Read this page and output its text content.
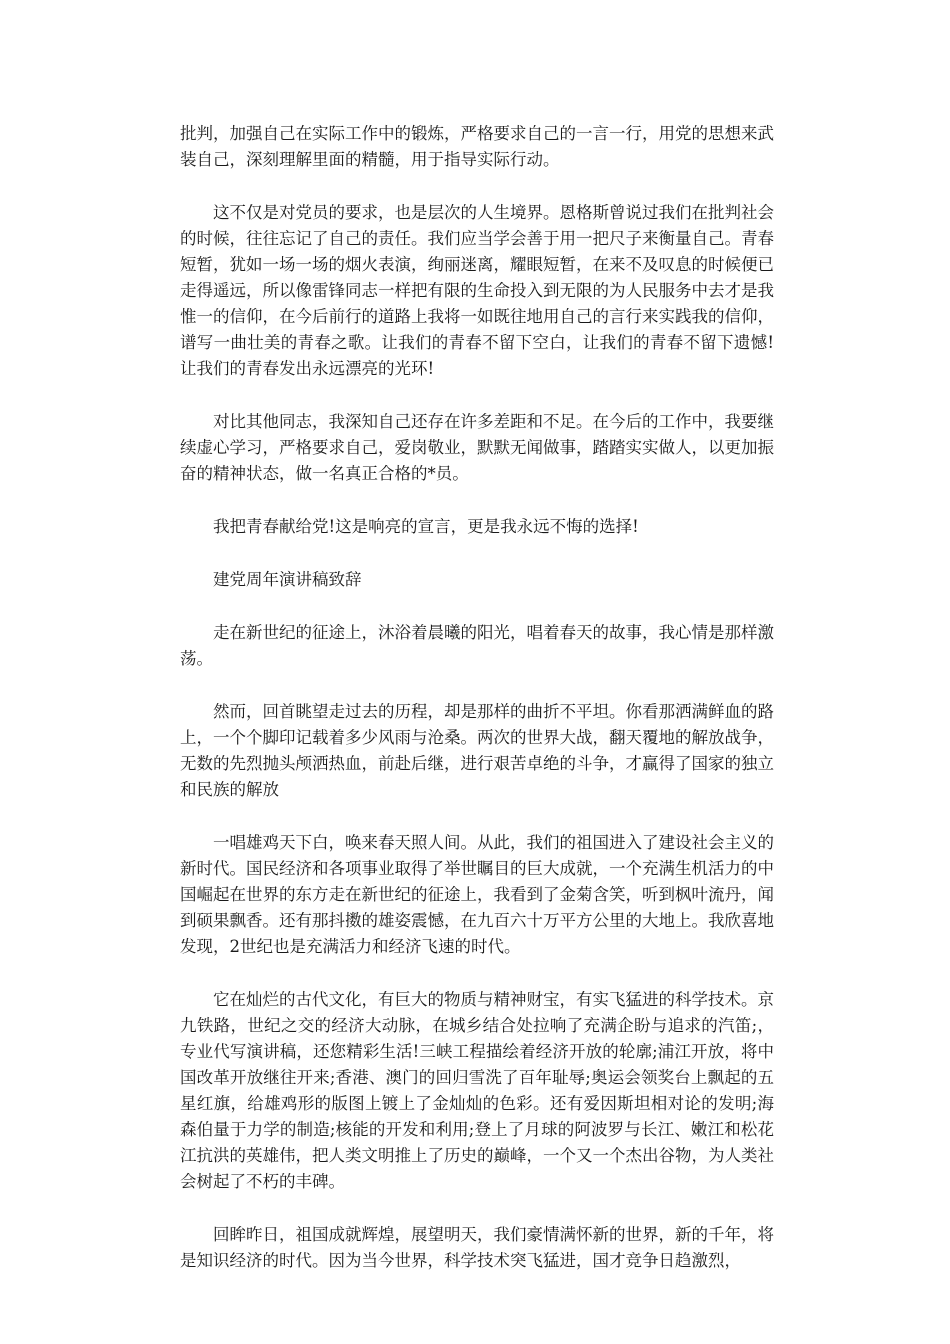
批判，加强自己在实际工作中的锻炼，严格要求自己的一言一行，用党的思想来武装自己，深刻理解里面的精髓，用于指导实际行动。

这不仅是对党员的要求，也是层次的人生境界。恩格斯曾说过我们在批判社会的时候，往往忘记了自己的责任。我们应当学会善于用一把尺子来衡量自己。青春短暂，犹如一场一场的烟火表演，绚丽迷离，耀眼短暂，在来不及叹息的时候便已走得遥远，所以像雷锋同志一样把有限的生命投入到无限的为人民服务中去才是我惟一的信仰，在今后前行的道路上我将一如既往地用自己的言行来实践我的信仰，谱写一曲壮美的青春之歌。让我们的青春不留下空白，让我们的青春不留下遗憾!让我们的青春发出永远漂亮的光环!

对比其他同志，我深知自己还存在许多差距和不足。在今后的工作中，我要继续虚心学习，严格要求自己，爱岗敬业，默默无闻做事，踏踏实实做人，以更加振奋的精神状态，做一名真正合格的*员。

我把青春献给党!这是响亮的宣言，更是我永远不悔的选择!

建党周年演讲稿致辞

走在新世纪的征途上，沐浴着晨曦的阳光，唱着春天的故事，我心情是那样激荡。

然而，回首眺望走过去的历程，却是那样的曲折不平坦。你看那洒满鲜血的路上，一个个脚印记载着多少风雨与沧桑。两次的世界大战，翻天覆地的解放战争，无数的先烈抛头颅洒热血，前赴后继，进行艰苦卓绝的斗争，才赢得了国家的独立和民族的解放

一唱雄鸡天下白，唤来春天照人间。从此，我们的祖国进入了建设社会主义的新时代。国民经济和各项事业取得了举世瞩目的巨大成就，一个充满生机活力的中国崛起在世界的东方走在新世纪的征途上，我看到了金菊含笑，听到枫叶流丹，闻到硕果飘香。还有那抖擞的雄姿震憾，在九百六十万平方公里的大地上。我欣喜地发现，2世纪也是充满活力和经济飞速的时代。

它在灿烂的古代文化，有巨大的物质与精神财宝，有实飞猛进的科学技术。京九铁路，世纪之交的经济大动脉，在城乡结合处拉响了充满企盼与追求的汽笛;，专业代写演讲稿，还您精彩生活!三峡工程描绘着经济开放的轮廓;浦江开放，将中国改革开放继往开来;香港、澳门的回归雪洗了百年耻辱;奥运会领奖台上飘起的五星红旗，给雄鸡形的版图上镀上了金灿灿的色彩。还有爱因斯坦相对论的发明;海森伯量于力学的制造;核能的开发和利用;登上了月球的阿波罗与长江、嫩江和松花江抗洪的英雄伟，把人类文明推上了历史的巅峰，一个又一个杰出谷物，为人类社会树起了不朽的丰碑。

回眸昨日，祖国成就辉煌，展望明天，我们豪情满怀新的世界，新的千年，将是知识经济的时代。因为当今世界，科学技术突飞猛进，国才竞争日趋激烈，
